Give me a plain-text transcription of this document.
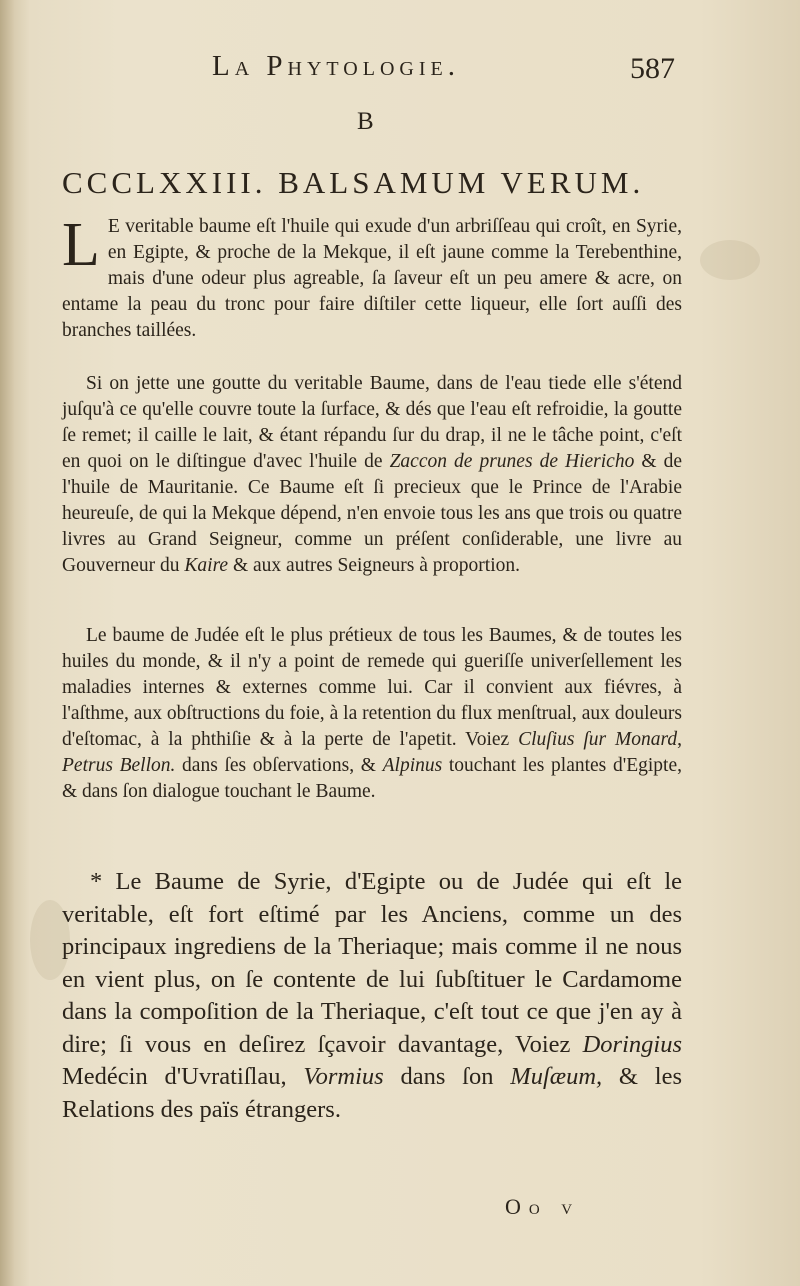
La Phytologie.	587
B
CCCLXXIII. BALSAMUM VERUM.
L E veritable baume eſt l'huile qui exude d'un arbriſſeau qui croît, en Syrie, en Egipte, & proche de la Mekque, il eſt jaune comme la Terebenthine, mais d'une odeur plus agreable, ſa ſaveur eſt un peu amere & acre, on entame la peau du tronc pour faire diſtiler cette liqueur, elle ſort auſſi des branches taillées.
Si on jette une goutte du veritable Baume, dans de l'eau tiede elle s'étend juſqu'à ce qu'elle couvre toute la ſurface, & dés que l'eau eſt refroidie, la goutte ſe remet; il caille le lait, & étant répandu ſur du drap, il ne le tâche point, c'eſt en quoi on le diſtingue d'avec l'huile de Zaccon de prunes de Hiericho & de l'huile de Mauritanie. Ce Baume eſt ſi precieux que le Prince de l'Arabie heureuſe, de qui la Mekque dépend, n'en envoie tous les ans que trois ou quatre livres au Grand Seigneur, comme un préſent conſiderable, une livre au Gouverneur du Kaire & aux autres Seigneurs à proportion.
Le baume de Judée eſt le plus prétieux de tous les Baumes, & de toutes les huiles du monde, & il n'y a point de remede qui gueriſſe univerſellement les maladies internes & externes comme lui. Car il convient aux fiévres, à l'aſthme, aux obſtructions du foie, à la retention du flux menſtrual, aux douleurs d'eſtomac, à la phthiſie & à la perte de l'apetit. Voiez Cluſius ſur Monard, Petrus Bellon. dans ſes obſervations, & Alpinus touchant les plantes d'Egipte, & dans ſon dialogue touchant le Baume.
* Le Baume de Syrie, d'Egipte ou de Judée qui eſt le veritable, eſt fort eſtimé par les Anciens, comme un des principaux ingrediens de la Theriaque; mais comme il ne nous en vient plus, on ſe contente de lui ſubſtituer le Cardamome dans la compoſition de la Theriaque, c'eſt tout ce que j'en ay à dire; ſi vous en deſirez ſçavoir davantage, Voiez Doringius Medécin d'Uvratiſlau, Vormius dans ſon Muſæum, & les Relations des païs étrangers.
Oo v
